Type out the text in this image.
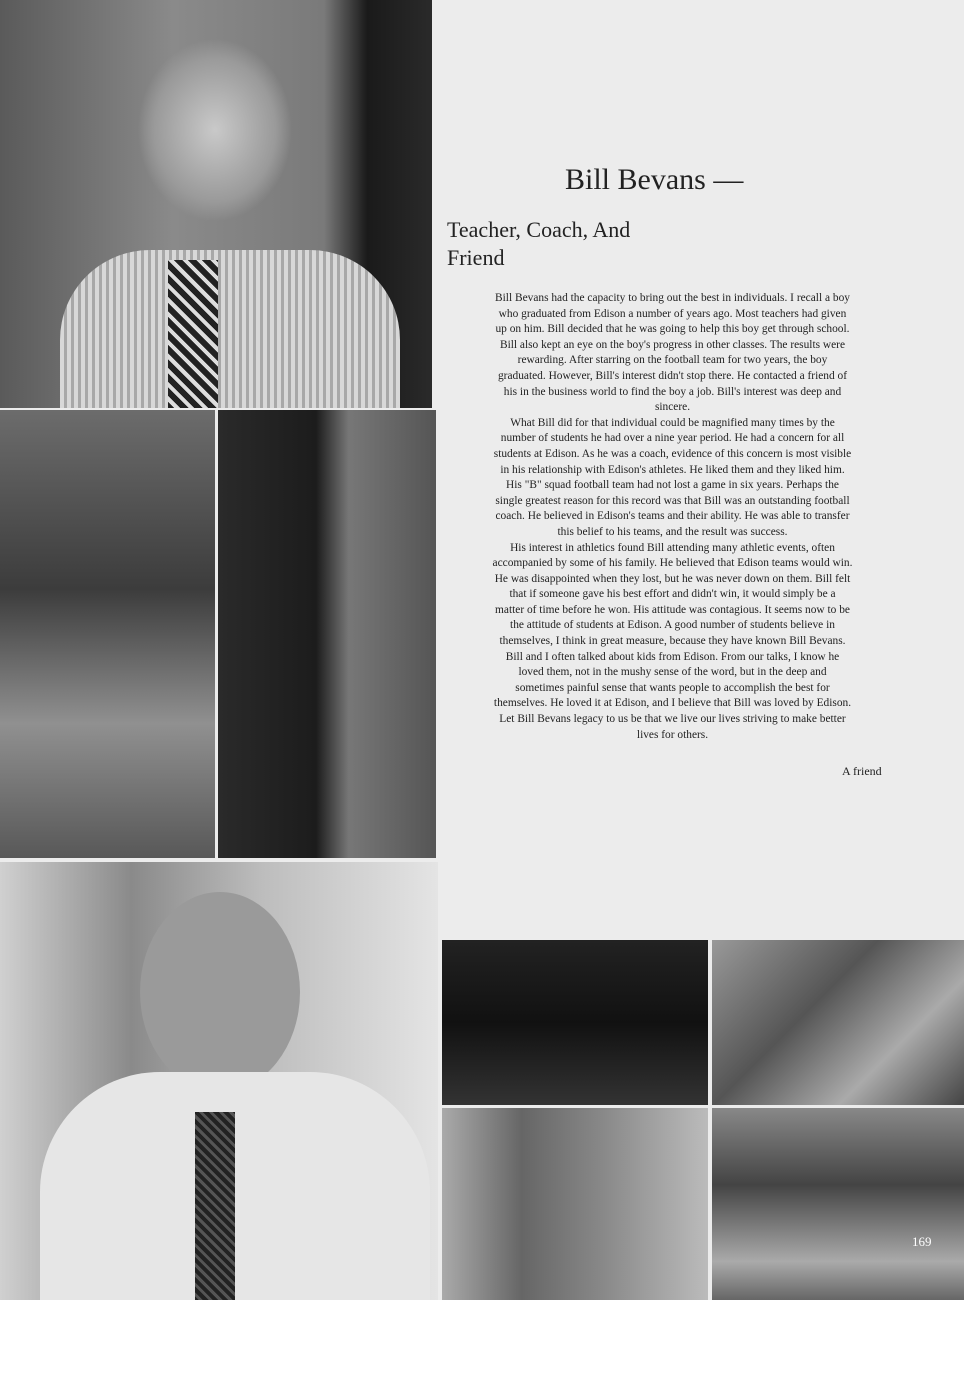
169
Bill Bevans —
Teacher, Coach, And
Friend
Bill Bevans had the capacity to bring out the best in individuals. I recall a boy
who graduated from Edison a number of years ago. Most teachers had given
up on him. Bill decided that he was going to help this boy get through school.
Bill also kept an eye on the boy's progress in other classes. The results were
rewarding. After starring on the football team for two years, the boy
graduated. However, Bill's interest didn't stop there. He contacted a friend of
his in the business world to find the boy a job. Bill's interest was deep and
sincere.
What Bill did for that individual could be magnified many times by the
number of students he had over a nine year period. He had a concern for all
students at Edison. As he was a coach, evidence of this concern is most visible
in his relationship with Edison's athletes. He liked them and they liked him.
His "B" squad football team had not lost a game in six years. Perhaps the
single greatest reason for this record was that Bill was an outstanding football
coach. He believed in Edison's teams and their ability. He was able to transfer
this belief to his teams, and the result was success.
His interest in athletics found Bill attending many athletic events, often
accompanied by some of his family. He believed that Edison teams would win.
He was disappointed when they lost, but he was never down on them. Bill felt
that if someone gave his best effort and didn't win, it would simply be a
matter of time before he won. His attitude was contagious. It seems now to be
the attitude of students at Edison. A good number of students believe in
themselves, I think in great measure, because they have known Bill Bevans.
Bill and I often talked about kids from Edison. From our talks, I know he
loved them, not in the mushy sense of the word, but in the deep and
sometimes painful sense that wants people to accomplish the best for
themselves. He loved it at Edison, and I believe that Bill was loved by Edison.
Let Bill Bevans legacy to us be that we live our lives striving to make better
lives for others.
A friend
